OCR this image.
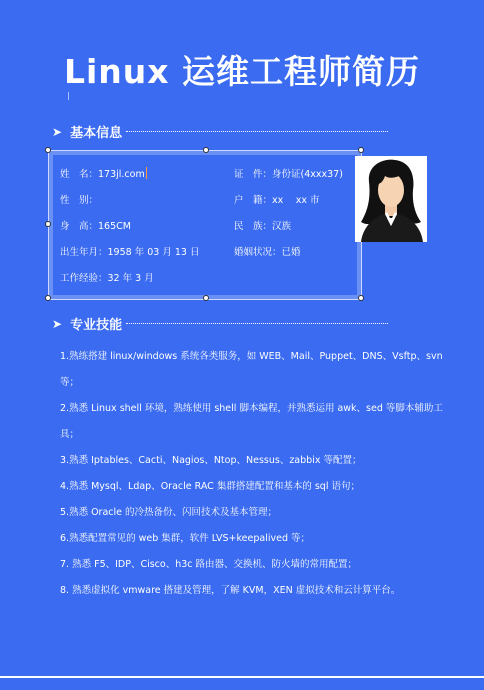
Linux 运维工程师简历
➤ 基本信息
姓　名：173jl.com
性　别：
身　高：165CM
出生年月：1958 年 03 月 13 日
工作经验：32 年 3 月
证　件：身份证(4xxx37)
户　籍：xx　 xx 市
民　族：汉族
婚姻状况：已婚
➤ 专业技能

1.熟练搭建 linux/windows 系统各类服务，如 WEB、Mail、Puppet、DNS、Vsftp、svn 等；

2.熟悉 Linux shell 环境，熟练使用 shell 脚本编程，并熟悉运用 awk、sed 等脚本辅助工具；

3.熟悉 Iptables、Cacti、Nagios、Ntop、Nessus、zabbix 等配置；

4.熟悉 Mysql、Ldap、Oracle RAC 集群搭建配置和基本的 sql 语句；

5.熟悉 Oracle 的冷热备份、闪回技术及基本管理；

6.熟悉配置常见的 web 集群，软件 LVS+keepalived 等；

7. 熟悉 F5、IDP、Cisco、h3c 路由器、交换机、防火墙的常用配置；

8. 熟悉虚拟化 vmware 搭建及管理，了解 KVM，XEN 虚拟技术和云计算平台。
